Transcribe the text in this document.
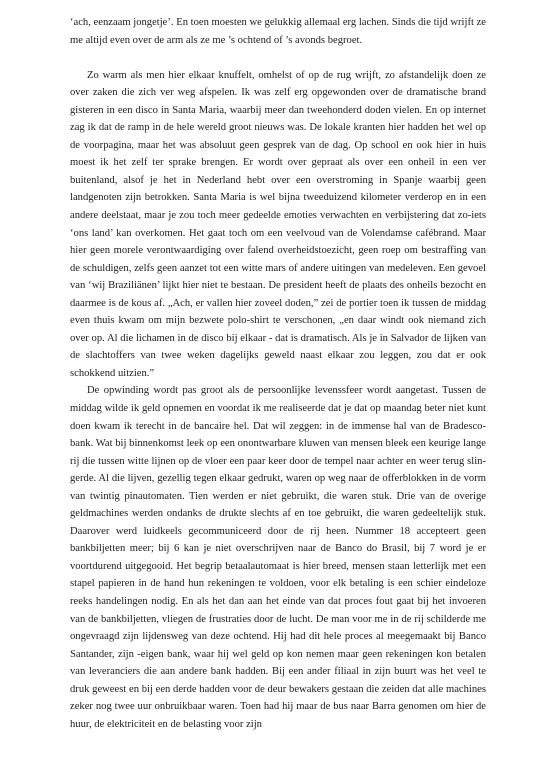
‘ach, eenzaam jongetje’. En toen moesten we gelukkig allemaal erg lachen. Sinds die tijd wrijft ze me altijd even over de arm als ze me ’s ochtend of ’s avonds begroet.

Zo warm als men hier elkaar knuffelt, omhelst of op de rug wrijft, zo afstandelijk doen ze over zaken die zich ver weg afspelen. Ik was zelf erg opgewonden over de dramatische brand gisteren in een disco in Santa Maria, waarbij meer dan tweehonderd doden vielen. En op internet zag ik dat de ramp in de hele wereld groot nieuws was. De lokale kranten hier hadden het wel op de voorpagina, maar het was absoluut geen gesprek van de dag. Op school en ook hier in huis moest ik het zelf ter sprake brengen. Er wordt over gepraat als over een onheil in een ver buitenland, alsof je het in Nederland hebt over een overstroming in Spanje waarbij geen landgenoten zijn betrokken. Santa Maria is wel bijna tweeduizend kilometer verderop en in een andere deelstaat, maar je zou toch meer gedeelde emoties verwachten en verbijstering dat zo-iets ‘ons land’ kan overkomen. Het gaat toch om een veelvoud van de Volendamse cafébrand. Maar hier geen morele verontwaardiging over falend overheidstoezicht, geen roep om bestraffing van de schuldigen, zelfs geen aanzet tot een witte mars of andere uitingen van medeleven. Een gevoel van ‘wij Braziliänen’ lijkt hier niet te bestaan. De president heeft de plaats des onheils bezocht en daarmee is de kous af. „Ach, er vallen hier zoveel doden,” zei de portier toen ik tussen de middag even thuis kwam om mijn bezwete polo-shirt te verschonen, „en daar windt ook niemand zich over op. Al die lichamen in de disco bij elkaar - dat is dramatisch. Als je in Salvador de lijken van de slachtoffers van twee weken dagelijks geweld naast elkaar zou leggen, zou dat er ook schokkend uitzien.”

De opwinding wordt pas groot als de persoonlijke levenssfeer wordt aangetast. Tussen de middag wilde ik geld opnemen en voordat ik me realiseerde dat je dat op maandag beter niet kunt doen kwam ik terecht in de bancaire hel. Dat wil zeggen: in de immense hal van de Bradesco-bank. Wat bij binnenkomst leek op een onontwarbare kluwen van mensen bleek een keurige lange rij die tussen witte lijnen op de vloer een paar keer door de tempel naar achter en weer terug slin-gerde. Al die lijven, gezellig tegen elkaar gedrukt, waren op weg naar de offerblokken in de vorm van twintig pinautomaten. Tien werden er niet gebruikt, die waren stuk. Drie van de overige geldmachines werden ondanks de drukte slechts af en toe gebruikt, die waren gedeeltelijk stuk. Daarover werd luidkeels gecommuniceerd door de rij heen. Nummer 18 accepteert geen bankbiljetten meer; bij 6 kan je niet overschrijven naar de Banco do Brasil, bij 7 word je er voortdurend uitgegooid. Het begrip betaalautomaat is hier breed, mensen staan letterlijk met een stapel papieren in de hand hun rekeningen te voldoen, voor elk betaling is een schier eindeloze reeks handelingen nodig. En als het dan aan het einde van dat proces fout gaat bij het invoeren van de bankbiljetten, vliegen de frustraties door de lucht. De man voor me in de rij schilderde me ongevraagd zijn lijdensweg van deze ochtend. Hij had dit hele proces al meegemaakt bij Banco Santander, zijn -eigen bank, waar hij wel geld op kon nemen maar geen rekeningen kon betalen van leveranciers die aan andere bank hadden. Bij een ander filiaal in zijn buurt was het veel te druk geweest en bij een derde hadden voor de deur bewakers gestaan die zeiden dat alle machines zeker nog twee uur onbruikbaar waren. Toen had hij maar de bus naar Barra genomen om hier de huur, de elektriciteit en de belasting voor zijn
